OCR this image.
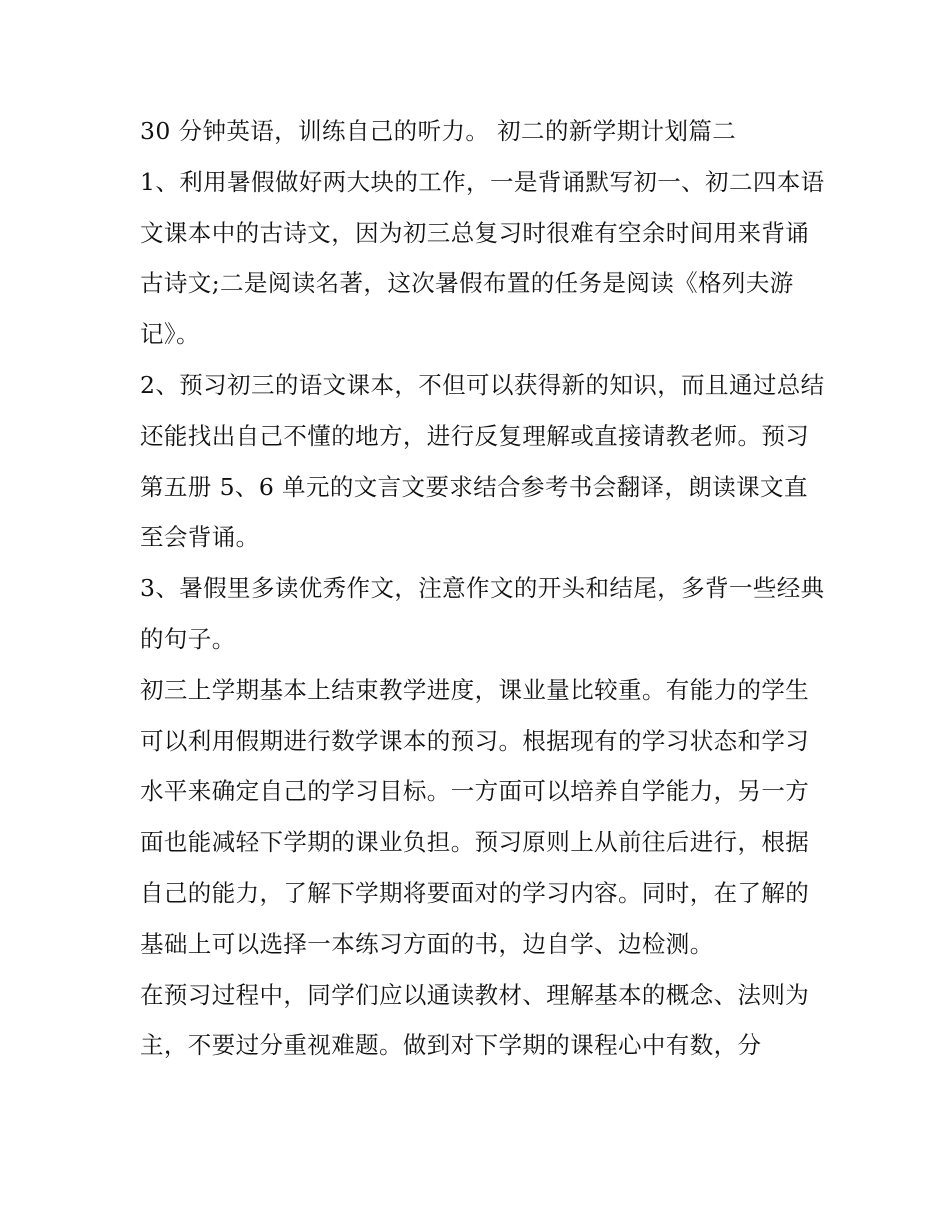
30 分钟英语，训练自己的听力。 初二的新学期计划篇二

1、利用暑假做好两大块的工作，一是背诵默写初一、初二四本语文课本中的古诗文，因为初三总复习时很难有空余时间用来背诵古诗文;二是阅读名著，这次暑假布置的任务是阅读《格列夫游记》。

2、预习初三的语文课本，不但可以获得新的知识，而且通过总结还能找出自己不懂的地方，进行反复理解或直接请教老师。预习第五册 5、6 单元的文言文要求结合参考书会翻译，朗读课文直至会背诵。

3、暑假里多读优秀作文，注意作文的开头和结尾，多背一些经典的句子。

初三上学期基本上结束教学进度，课业量比较重。有能力的学生可以利用假期进行数学课本的预习。根据现有的学习状态和学习水平来确定自己的学习目标。一方面可以培养自学能力，另一方面也能减轻下学期的课业负担。预习原则上从前往后进行，根据自己的能力，了解下学期将要面对的学习内容。同时，在了解的基础上可以选择一本练习方面的书，边自学、边检测。

在预习过程中，同学们应以通读教材、理解基本的概念、法则为主，不要过分重视难题。做到对下学期的课程心中有数，分
